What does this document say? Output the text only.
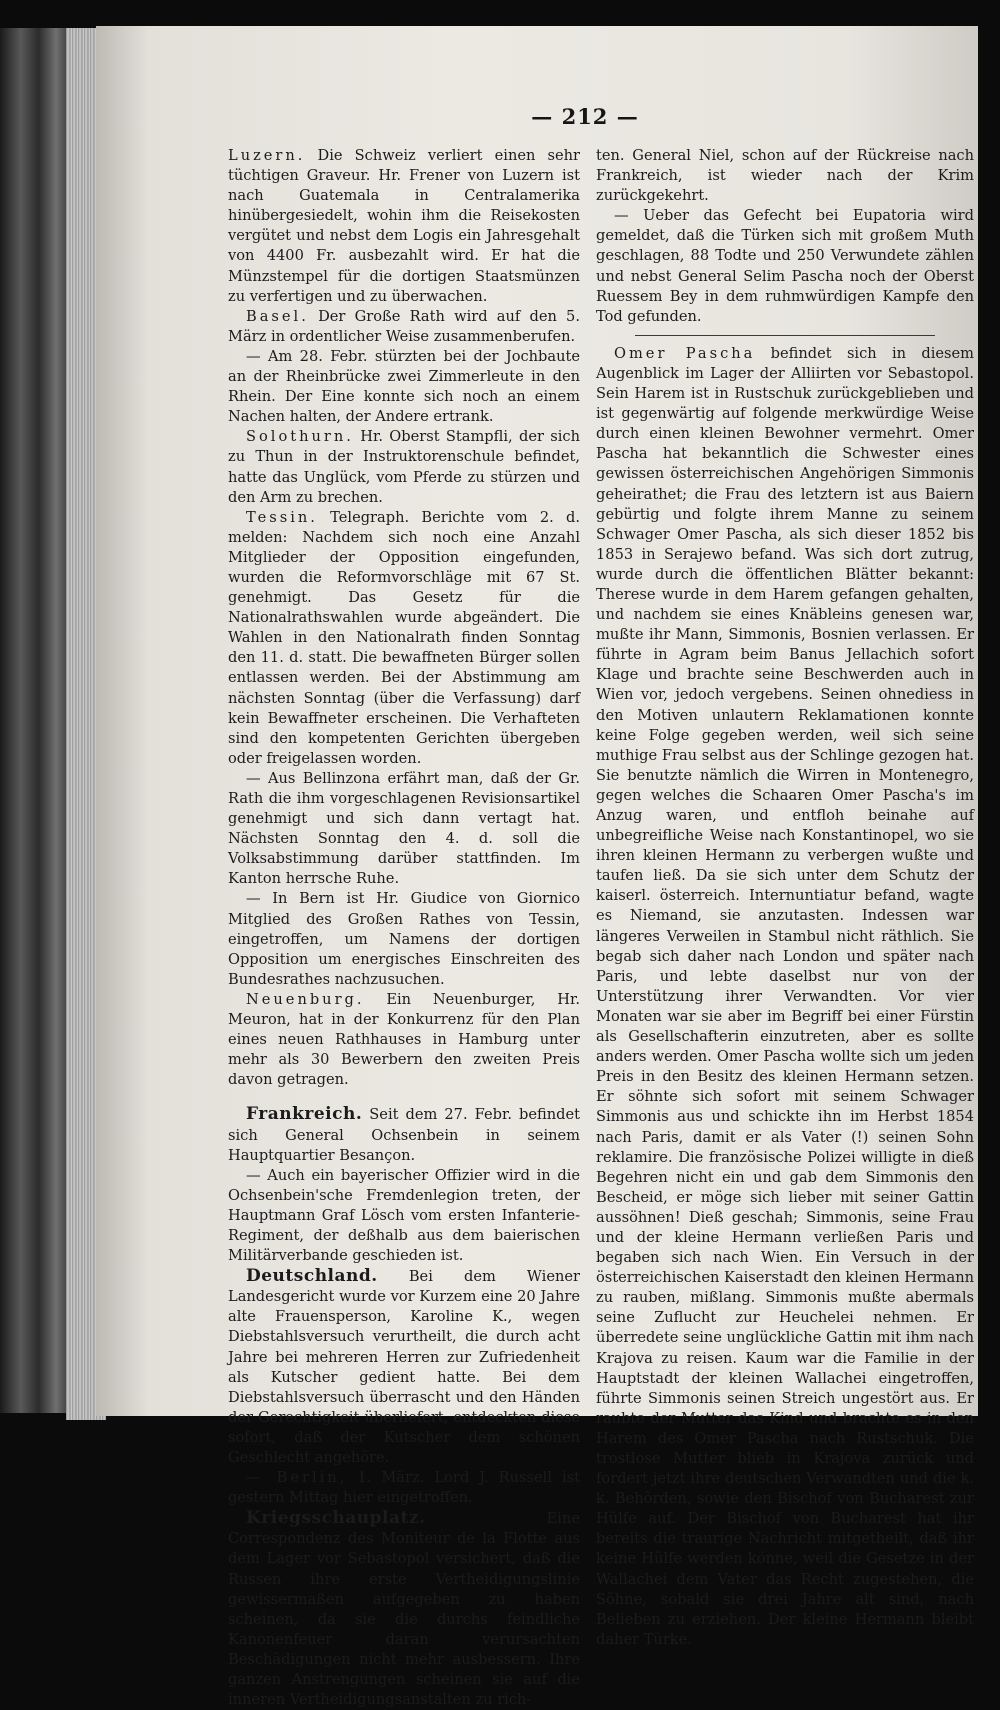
— 212 —

Luzern. Die Schweiz verliert einen sehr tüchtigen Graveur. Hr. Frener von Luzern ist nach Guatemala in Centralamerika hinübergesiedelt, wohin ihm die Reisekosten vergütet und nebst dem Logis ein Jahresgehalt von 4400 Fr. ausbezahlt wird. Er hat die Münzstempel für die dortigen Staatsmünzen zu verfertigen und zu überwachen.

Basel. Der Große Rath wird auf den 5. März in ordentlicher Weise zusammenberufen.

— Am 28. Febr. stürzten bei der Jochbaute an der Rheinbrücke zwei Zimmerleute in den Rhein. Der Eine konnte sich noch an einem Nachen halten, der Andere ertrank.

Solothurn. Hr. Oberst Stampfli, der sich zu Thun in der Instruktorenschule befindet, hatte das Unglück, vom Pferde zu stürzen und den Arm zu brechen.

Tessin. Telegraph. Berichte vom 2. d. melden: Nachdem sich noch eine Anzahl Mitglieder der Opposition eingefunden, wurden die Reformvorschläge mit 67 St. genehmigt. Das Gesetz für die Nationalrathswahlen wurde abgeändert. Die Wahlen in den Nationalrath finden Sonntag den 11. d. statt. Die bewaffneten Bürger sollen entlassen werden. Bei der Abstimmung am nächsten Sonntag (über die Verfassung) darf kein Bewaffneter erscheinen. Die Verhafteten sind den kompetenten Gerichten übergeben oder freigelassen worden.

— Aus Bellinzona erfährt man, daß der Gr. Rath die ihm vorgeschlagenen Revisionsartikel genehmigt und sich dann vertagt hat. Nächsten Sonntag den 4. d. soll die Volksabstimmung darüber stattfinden. Im Kanton herrsche Ruhe.

— In Bern ist Hr. Giudice von Giornico Mitglied des Großen Rathes von Tessin, eingetroffen, um Namens der dortigen Opposition um energisches Einschreiten des Bundesrathes nachzusuchen.

Neuenburg. Ein Neuenburger, Hr. Meuron, hat in der Konkurrenz für den Plan eines neuen Rathhauses in Hamburg unter mehr als 30 Bewerbern den zweiten Preis davon getragen.

Frankreich. Seit dem 27. Febr. befindet sich General Ochsenbein in seinem Hauptquartier Besançon.

— Auch ein bayerischer Offizier wird in die Ochsenbein'sche Fremdenlegion treten, der Hauptmann Graf Lösch vom ersten Infanterie-Regiment, der deßhalb aus dem baierischen Militärverbande geschieden ist.

Deutschland. Bei dem Wiener Landesgericht wurde vor Kurzem eine 20 Jahre alte Frauensperson, Karoline K., wegen Diebstahlsversuch verurtheilt, die durch acht Jahre bei mehreren Herren zur Zufriedenheit als Kutscher gedient hatte. Bei dem Diebstahlsversuch überrascht und den Händen der Gerechtigkeit überliefert, entdeckten diese sofort, daß der Kutscher dem schönen Geschlecht angehöre.

— Berlin, 1. März. Lord J. Russell ist gestern Mittag hier eingetroffen.

Kriegsschauplatz. Eine Correspondenz des Moniteur de la Flotte aus dem Lager vor Sebastopol versichert, daß die Russen ihre erste Vertheidigungslinie gewissermaßen aufgegeben zu haben scheinen, da sie die durchs feindliche Kanonenfeuer daran verursachten Beschädigungen nicht mehr ausbessern. Ihre ganzen Anstrengungen scheinen sie auf die inneren Vertheidigungsanstalten zu rich-

ten. General Niel, schon auf der Rückreise nach Frankreich, ist wieder nach der Krim zurückgekehrt.

— Ueber das Gefecht bei Eupatoria wird gemeldet, daß die Türken sich mit großem Muth geschlagen, 88 Todte und 250 Verwundete zählen und nebst General Selim Pascha noch der Oberst Ruessem Bey in dem ruhmwürdigen Kampfe den Tod gefunden.

Omer Pascha befindet sich in diesem Augenblick im Lager der Alliirten vor Sebastopol. Sein Harem ist in Rustschuk zurückgeblieben und ist gegenwärtig auf folgende merkwürdige Weise durch einen kleinen Bewohner vermehrt. Omer Pascha hat bekanntlich die Schwester eines gewissen österreichischen Angehörigen Simmonis geheirathet; die Frau des letztern ist aus Baiern gebürtig und folgte ihrem Manne zu seinem Schwager Omer Pascha, als sich dieser 1852 bis 1853 in Serajewo befand. Was sich dort zutrug, wurde durch die öffentlichen Blätter bekannt: Therese wurde in dem Harem gefangen gehalten, und nachdem sie eines Knäbleins genesen war, mußte ihr Mann, Simmonis, Bosnien verlassen. Er führte in Agram beim Banus Jellachich sofort Klage und brachte seine Beschwerden auch in Wien vor, jedoch vergebens. Seinen ohnediess in den Motiven unlautern Reklamationen konnte keine Folge gegeben werden, weil sich seine muthige Frau selbst aus der Schlinge gezogen hat. Sie benutzte nämlich die Wirren in Montenegro, gegen welches die Schaaren Omer Pascha's im Anzug waren, und entfloh beinahe auf unbegreifliche Weise nach Konstantinopel, wo sie ihren kleinen Hermann zu verbergen wußte und taufen ließ. Da sie sich unter dem Schutz der kaiserl. österreich. Internuntiatur befand, wagte es Niemand, sie anzutasten. Indessen war längeres Verweilen in Stambul nicht räthlich. Sie begab sich daher nach London und später nach Paris, und lebte daselbst nur von der Unterstützung ihrer Verwandten. Vor vier Monaten war sie aber im Begriff bei einer Fürstin als Gesellschafterin einzutreten, aber es sollte anders werden. Omer Pascha wollte sich um jeden Preis in den Besitz des kleinen Hermann setzen. Er söhnte sich sofort mit seinem Schwager Simmonis aus und schickte ihn im Herbst 1854 nach Paris, damit er als Vater (!) seinen Sohn reklamire. Die französische Polizei willigte in dieß Begehren nicht ein und gab dem Simmonis den Bescheid, er möge sich lieber mit seiner Gattin aussöhnen! Dieß geschah; Simmonis, seine Frau und der kleine Hermann verließen Paris und begaben sich nach Wien. Ein Versuch in der österreichischen Kaiserstadt den kleinen Hermann zu rauben, mißlang. Simmonis mußte abermals seine Zuflucht zur Heuchelei nehmen. Er überredete seine unglückliche Gattin mit ihm nach Krajova zu reisen. Kaum war die Familie in der Hauptstadt der kleinen Wallachei eingetroffen, führte Simmonis seinen Streich ungestört aus. Er raubte der Mutter das Kind und brachte es in den Harem des Omer Pascha nach Rustschuk. Die trostlose Mutter blieb in Krajova zurück und fordert jetzt ihre deutschen Verwandten und die k. k. Behörden, sowie den Bischof von Bucharest zur Hülfe auf. Der Bischof von Bucharest hat ihr bereits die traurige Nachricht mitgetheilt, daß ihr keine Hülfe werden könne, weil die Gesetze in der Wallachei dem Vater das Recht zugestehen, die Söhne, sobald sie drei Jahre alt sind, nach Belieben zu erziehen. Der kleine Hermann bleibt daher Türke.
